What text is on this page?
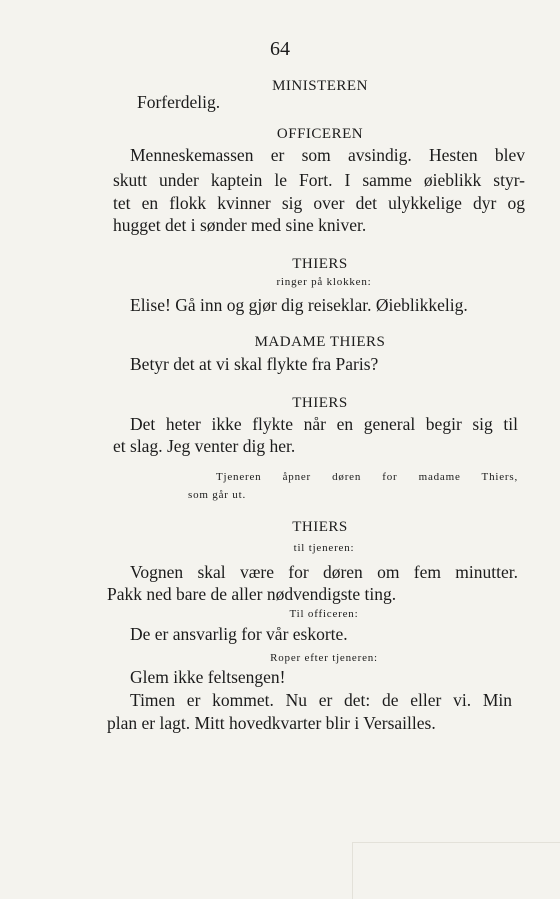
64
MINISTEREN
Forferdelig.
OFFICEREN
Menneskemassen er som avsindig. Hesten blev
skutt under kaptein le Fort. I samme øieblikk styr-
tet en flokk kvinner sig over det ulykkelige dyr og
hugget det i sønder med sine kniver.
THIERS
ringer på klokken:
Elise! Gå inn og gjør dig reiseklar. Øieblikkelig.
MADAME THIERS
Betyr det at vi skal flykte fra Paris?
THIERS
Det heter ikke flykte når en general begir sig til
et slag. Jeg venter dig her.
Tjeneren åpner døren for madame Thiers,
som går ut.
THIERS
til tjeneren:
Vognen skal være for døren om fem minutter.
Pakk ned bare de aller nødvendigste ting.
Til officeren:
De er ansvarlig for vår eskorte.
Roper efter tjeneren:
Glem ikke feltsengen!
Timen er kommet. Nu er det: de eller vi. Min
plan er lagt. Mitt hovedkvarter blir i Versailles.
